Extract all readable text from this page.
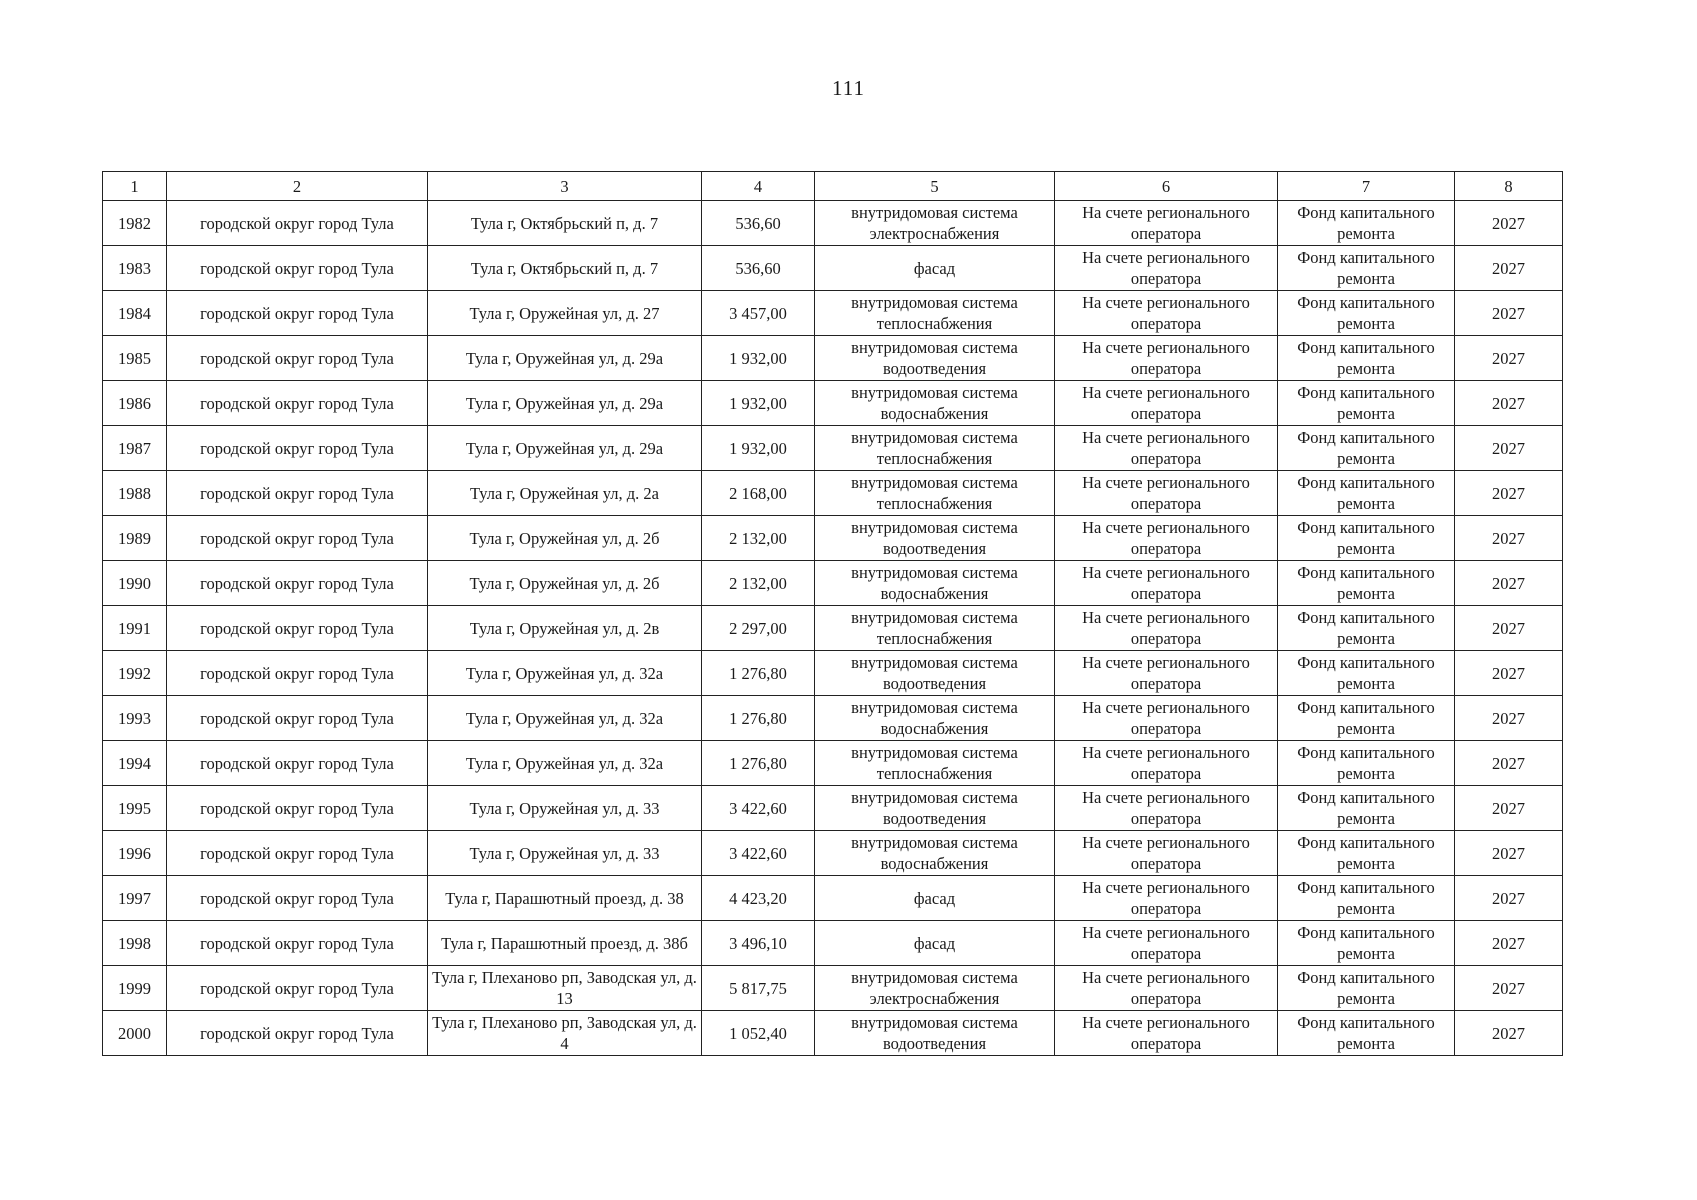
111
1	2	3	4	5	6	7	8
1982	городской округ город Тула	Тула г, Октябрьский п, д. 7	536,60	внутридомовая система электроснабжения	На счете регионального оператора	Фонд капитального ремонта	2027
1983	городской округ город Тула	Тула г, Октябрьский п, д. 7	536,60	фасад	На счете регионального оператора	Фонд капитального ремонта	2027
1984	городской округ город Тула	Тула г, Оружейная ул, д. 27	3 457,00	внутридомовая система теплоснабжения	На счете регионального оператора	Фонд капитального ремонта	2027
1985	городской округ город Тула	Тула г, Оружейная ул, д. 29а	1 932,00	внутридомовая система водоотведения	На счете регионального оператора	Фонд капитального ремонта	2027
1986	городской округ город Тула	Тула г, Оружейная ул, д. 29а	1 932,00	внутридомовая система водоснабжения	На счете регионального оператора	Фонд капитального ремонта	2027
1987	городской округ город Тула	Тула г, Оружейная ул, д. 29а	1 932,00	внутридомовая система теплоснабжения	На счете регионального оператора	Фонд капитального ремонта	2027
1988	городской округ город Тула	Тула г, Оружейная ул, д. 2а	2 168,00	внутридомовая система теплоснабжения	На счете регионального оператора	Фонд капитального ремонта	2027
1989	городской округ город Тула	Тула г, Оружейная ул, д. 2б	2 132,00	внутридомовая система водоотведения	На счете регионального оператора	Фонд капитального ремонта	2027
1990	городской округ город Тула	Тула г, Оружейная ул, д. 2б	2 132,00	внутридомовая система водоснабжения	На счете регионального оператора	Фонд капитального ремонта	2027
1991	городской округ город Тула	Тула г, Оружейная ул, д. 2в	2 297,00	внутридомовая система теплоснабжения	На счете регионального оператора	Фонд капитального ремонта	2027
1992	городской округ город Тула	Тула г, Оружейная ул, д. 32а	1 276,80	внутридомовая система водоотведения	На счете регионального оператора	Фонд капитального ремонта	2027
1993	городской округ город Тула	Тула г, Оружейная ул, д. 32а	1 276,80	внутридомовая система водоснабжения	На счете регионального оператора	Фонд капитального ремонта	2027
1994	городской округ город Тула	Тула г, Оружейная ул, д. 32а	1 276,80	внутридомовая система теплоснабжения	На счете регионального оператора	Фонд капитального ремонта	2027
1995	городской округ город Тула	Тула г, Оружейная ул, д. 33	3 422,60	внутридомовая система водоотведения	На счете регионального оператора	Фонд капитального ремонта	2027
1996	городской округ город Тула	Тула г, Оружейная ул, д. 33	3 422,60	внутридомовая система водоснабжения	На счете регионального оператора	Фонд капитального ремонта	2027
1997	городской округ город Тула	Тула г, Парашютный проезд, д. 38	4 423,20	фасад	На счете регионального оператора	Фонд капитального ремонта	2027
1998	городской округ город Тула	Тула г, Парашютный проезд, д. 38б	3 496,10	фасад	На счете регионального оператора	Фонд капитального ремонта	2027
1999	городской округ город Тула	Тула г, Плеханово рп, Заводская ул, д. 13	5 817,75	внутридомовая система электроснабжения	На счете регионального оператора	Фонд капитального ремонта	2027
2000	городской округ город Тула	Тула г, Плеханово рп, Заводская ул, д. 4	1 052,40	внутридомовая система водоотведения	На счете регионального оператора	Фонд капитального ремонта	2027
